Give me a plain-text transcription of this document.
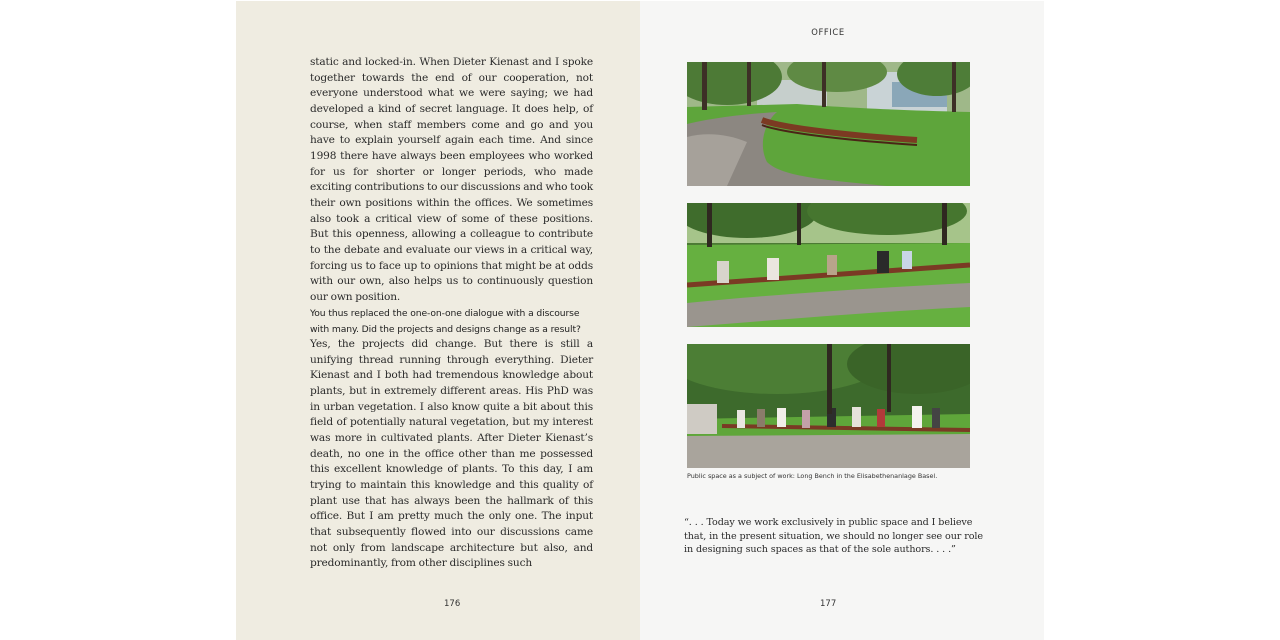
static and locked-in. When Dieter Kienast and I spoke together towards the end of our cooperation, not everyone understood what we were saying; we had developed a kind of secret language. It does help, of course, when staff members come and go and you have to explain yourself again each time. And since 1998 there have always been employees who worked for us for shorter or longer periods, who made exciting contributions to our discussions and who took their own positions within the offices. We sometimes also took a critical view of some of these positions. But this openness, allowing a colleague to contribute to the debate and evaluate our views in a critical way, forcing us to face up to opinions that might be at odds with our own, also helps us to continuously question our own position.

You thus replaced the one-on-one dialogue with a discourse with many. Did the projects and designs change as a result?

Yes, the projects did change. But there is still a unifying thread running through everything. Dieter Kienast and I both had tremendous knowledge about plants, but in extremely different areas. His PhD was in urban vegetation. I also know quite a bit about this field of potentially natural vegetation, but my interest was more in cultivated plants. After Dieter Kienast’s death, no one in the office other than me possessed this excellent knowledge of plants. To this day, I am trying to maintain this knowledge and this quality of plant use that has always been the hallmark of this office. But I am pretty much the only one. The input that subsequently flowed into our discussions came not only from landscape architecture but also, and predominantly, from other disciplines such

176
OFFICE
Public space as a subject of work: Long Bench in the Elisabethenanlage Basel.

“. . . Today we work exclusively in public space and I believe that, in the present situation, we should no longer see our role in designing such spaces as that of the sole authors. . . .”

177
